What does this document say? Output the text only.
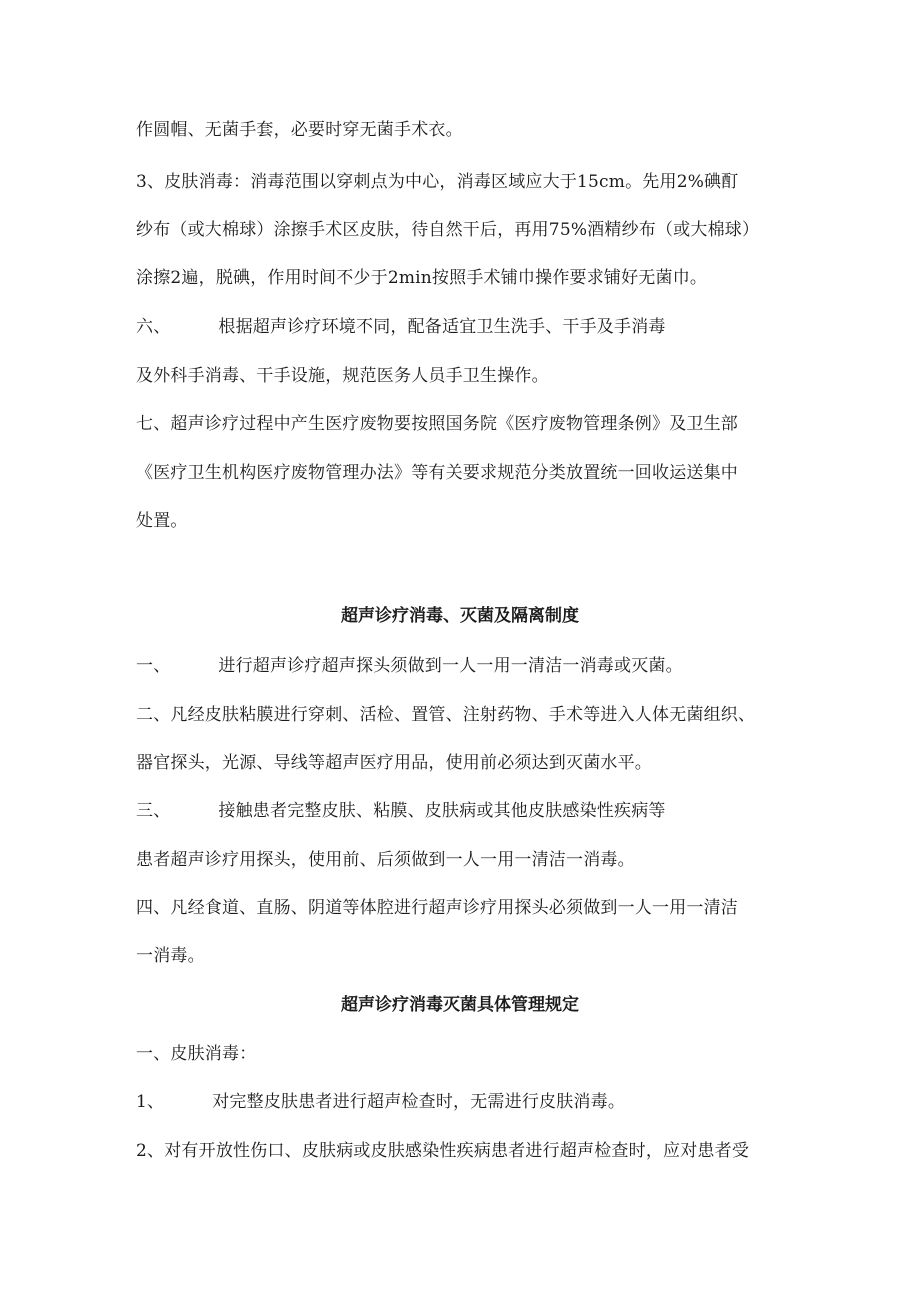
作圆帽、无菌手套，必要时穿无菌手术衣。
3、皮肤消毒：消毒范围以穿刺点为中心，消毒区域应大于15cm。先用2%碘酊
纱布（或大棉球）涂擦手术区皮肤，待自然干后，再用75%酒精纱布（或大棉球）
涂擦2遍，脱碘，作用时间不少于2min按照手术铺巾操作要求铺好无菌巾。
六、	根据超声诊疗环境不同，配备适宜卫生洗手、干手及手消毒
及外科手消毒、干手设施，规范医务人员手卫生操作。
七、超声诊疗过程中产生医疗废物要按照国务院《医疗废物管理条例》及卫生部
《医疗卫生机构医疗废物管理办法》等有关要求规范分类放置统一回收运送集中
处置。
超声诊疗消毒、灭菌及隔离制度
一、	进行超声诊疗超声探头须做到一人一用一清洁一消毒或灭菌。
二、凡经皮肤粘膜进行穿刺、活检、置管、注射药物、手术等进入人体无菌组织、
器官探头，光源、导线等超声医疗用品，使用前必须达到灭菌水平。
三、	接触患者完整皮肤、粘膜、皮肤病或其他皮肤感染性疾病等
患者超声诊疗用探头，使用前、后须做到一人一用一清洁一消毒。
四、凡经食道、直肠、阴道等体腔进行超声诊疗用探头必须做到一人一用一清洁
一消毒。
超声诊疗消毒灭菌具体管理规定
一、皮肤消毒：
1、	对完整皮肤患者进行超声检查时，无需进行皮肤消毒。
2、对有开放性伤口、皮肤病或皮肤感染性疾病患者进行超声检查时，应对患者受
